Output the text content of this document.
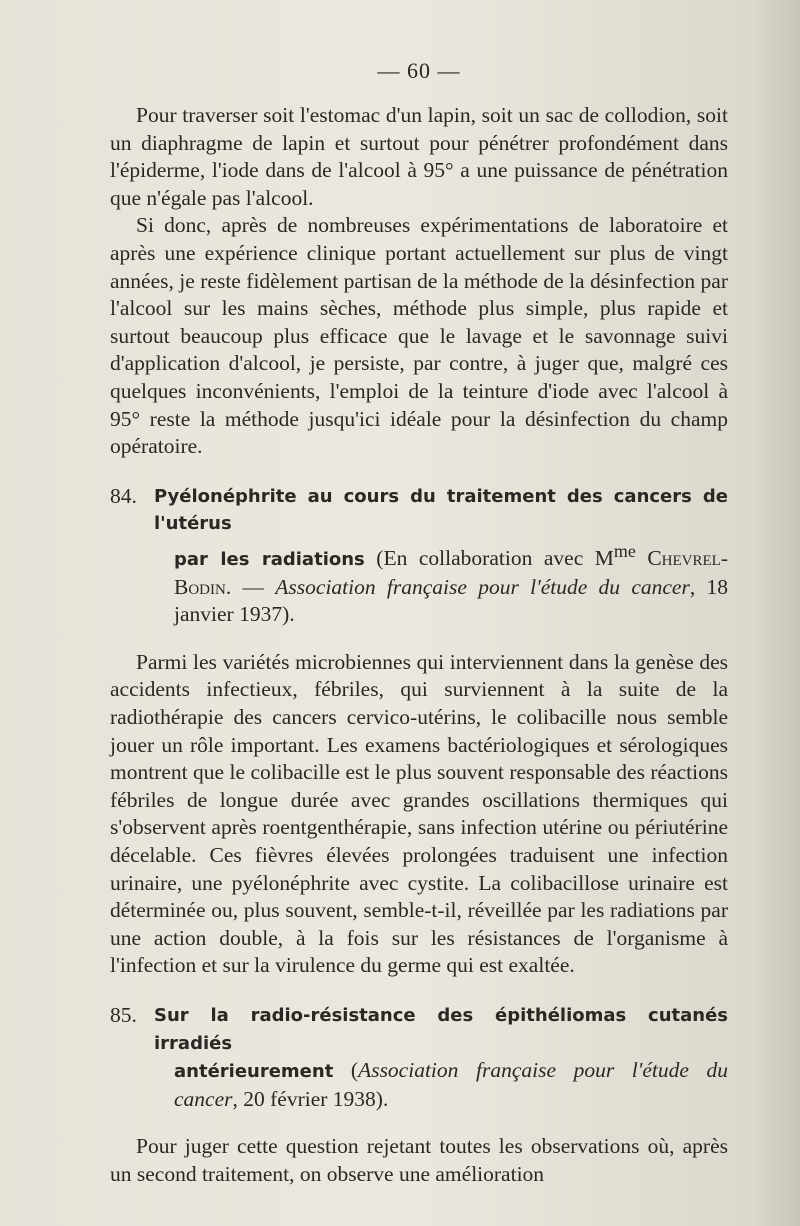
— 60 —

Pour traverser soit l'estomac d'un lapin, soit un sac de collodion, soit un diaphragme de lapin et surtout pour pénétrer profondément dans l'épiderme, l'iode dans de l'alcool à 95° a une puissance de pénétration que n'égale pas l'alcool.

Si donc, après de nombreuses expérimentations de laboratoire et après une expérience clinique portant actuellement sur plus de vingt années, je reste fidèlement partisan de la méthode de la désinfection par l'alcool sur les mains sèches, méthode plus simple, plus rapide et surtout beaucoup plus efficace que le lavage et le savonnage suivi d'application d'alcool, je persiste, par contre, à juger que, malgré ces quelques inconvénients, l'emploi de la teinture d'iode avec l'alcool à 95° reste la méthode jusqu'ici idéale pour la désinfection du champ opératoire.

84. Pyélonéphrite au cours du traitement des cancers de l'utérus
par les radiations (En collaboration avec $M^{me}$ Chevrel-Bodin. — Association française pour l'étude du cancer, 18 janvier 1937).

Parmi les variétés microbiennes qui interviennent dans la genèse des accidents infectieux, fébriles, qui surviennent à la suite de la radiothérapie des cancers cervico-utérins, le colibacille nous semble jouer un rôle important. Les examens bactériologiques et sérologiques montrent que le colibacille est le plus souvent responsable des réactions fébriles de longue durée avec grandes oscillations thermiques qui s'observent après roentgenthérapie, sans infection utérine ou périutérine décelable. Ces fièvres élevées prolongées traduisent une infection urinaire, une pyélonéphrite avec cystite. La colibacillose urinaire est déterminée ou, plus souvent, semble-t-il, réveillée par les radiations par une action double, à la fois sur les résistances de l'organisme à l'infection et sur la virulence du germe qui est exaltée.

85. Sur la radio-résistance des épithéliomas cutanés irradiés
antérieurement (Association française pour l'étude du cancer, 20 février 1938).

Pour juger cette question rejetant toutes les observations où, après un second traitement, on observe une amélioration
